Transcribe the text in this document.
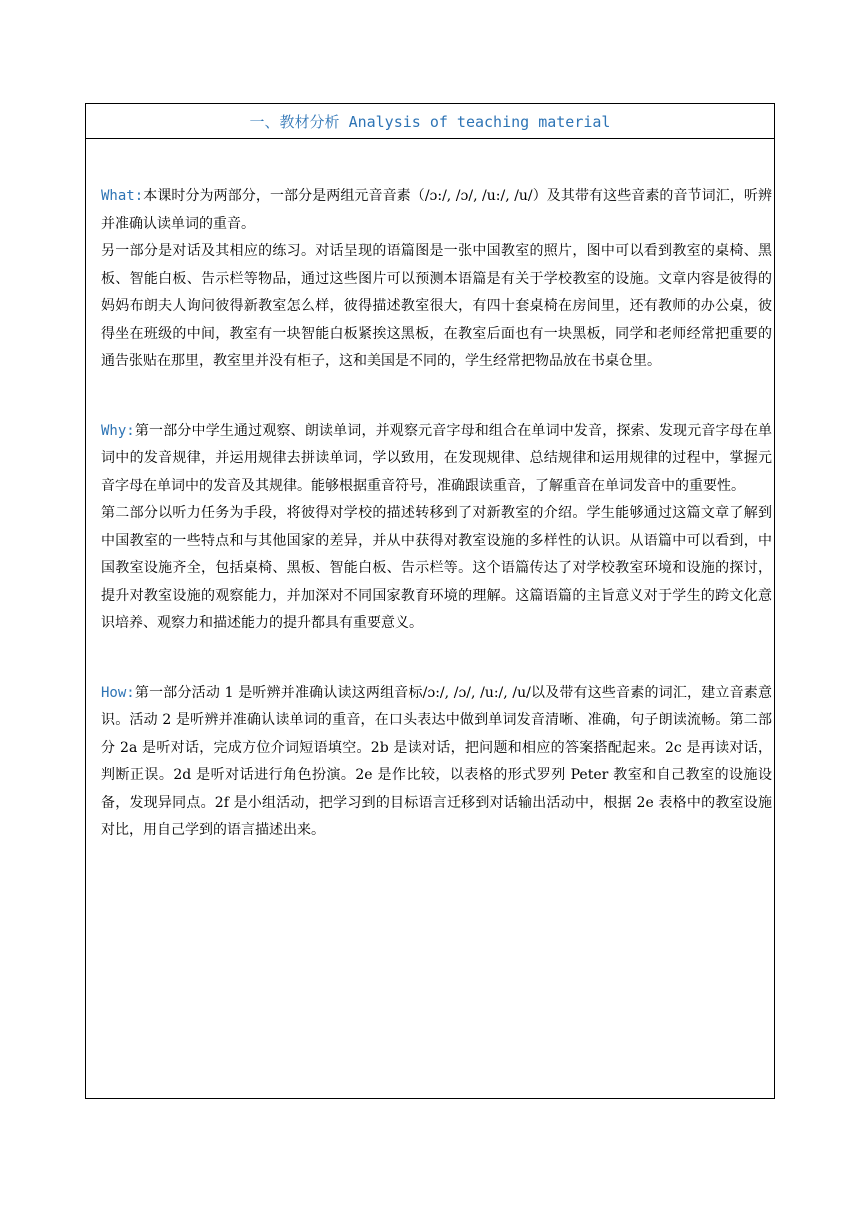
一、教材分析 Analysis of teaching material

What:本课时分为两部分，一部分是两组元音音素（/ɔ:/, /ɔ/, /u:/, /u/）及其带有这些音素的音节词汇，听辨并准确认读单词的重音。

另一部分是对话及其相应的练习。对话呈现的语篇图是一张中国教室的照片，图中可以看到教室的桌椅、黑板、智能白板、告示栏等物品，通过这些图片可以预测本语篇是有关于学校教室的设施。文章内容是彼得的妈妈布朗夫人询问彼得新教室怎么样，彼得描述教室很大，有四十套桌椅在房间里，还有教师的办公桌，彼得坐在班级的中间，教室有一块智能白板紧挨这黑板，在教室后面也有一块黑板，同学和老师经常把重要的通告张贴在那里，教室里并没有柜子，这和美国是不同的，学生经常把物品放在书桌仓里。

Why:第一部分中学生通过观察、朗读单词，并观察元音字母和组合在单词中发音，探索、发现元音字母在单词中的发音规律，并运用规律去拼读单词，学以致用，在发现规律、总结规律和运用规律的过程中，掌握元音字母在单词中的发音及其规律。能够根据重音符号，准确跟读重音，了解重音在单词发音中的重要性。

第二部分以听力任务为手段，将彼得对学校的描述转移到了对新教室的介绍。学生能够通过这篇文章了解到中国教室的一些特点和与其他国家的差异，并从中获得对教室设施的多样性的认识。从语篇中可以看到，中国教室设施齐全，包括桌椅、黑板、智能白板、告示栏等。这个语篇传达了对学校教室环境和设施的探讨，提升对教室设施的观察能力，并加深对不同国家教育环境的理解。这篇语篇的主旨意义对于学生的跨文化意识培养、观察力和描述能力的提升都具有重要意义。

How:第一部分活动 1 是听辨并准确认读这两组音标/ɔ:/, /ɔ/, /u:/, /u/以及带有这些音素的词汇，建立音素意识。活动 2 是听辨并准确认读单词的重音，在口头表达中做到单词发音清晰、准确，句子朗读流畅。第二部分 2a 是听对话，完成方位介词短语填空。2b 是读对话，把问题和相应的答案搭配起来。2c 是再读对话，判断正误。2d 是听对话进行角色扮演。2e 是作比较，以表格的形式罗列 Peter 教室和自己教室的设施设备，发现异同点。2f 是小组活动，把学习到的目标语言迁移到对话输出活动中，根据 2e 表格中的教室设施对比，用自己学到的语言描述出来。
